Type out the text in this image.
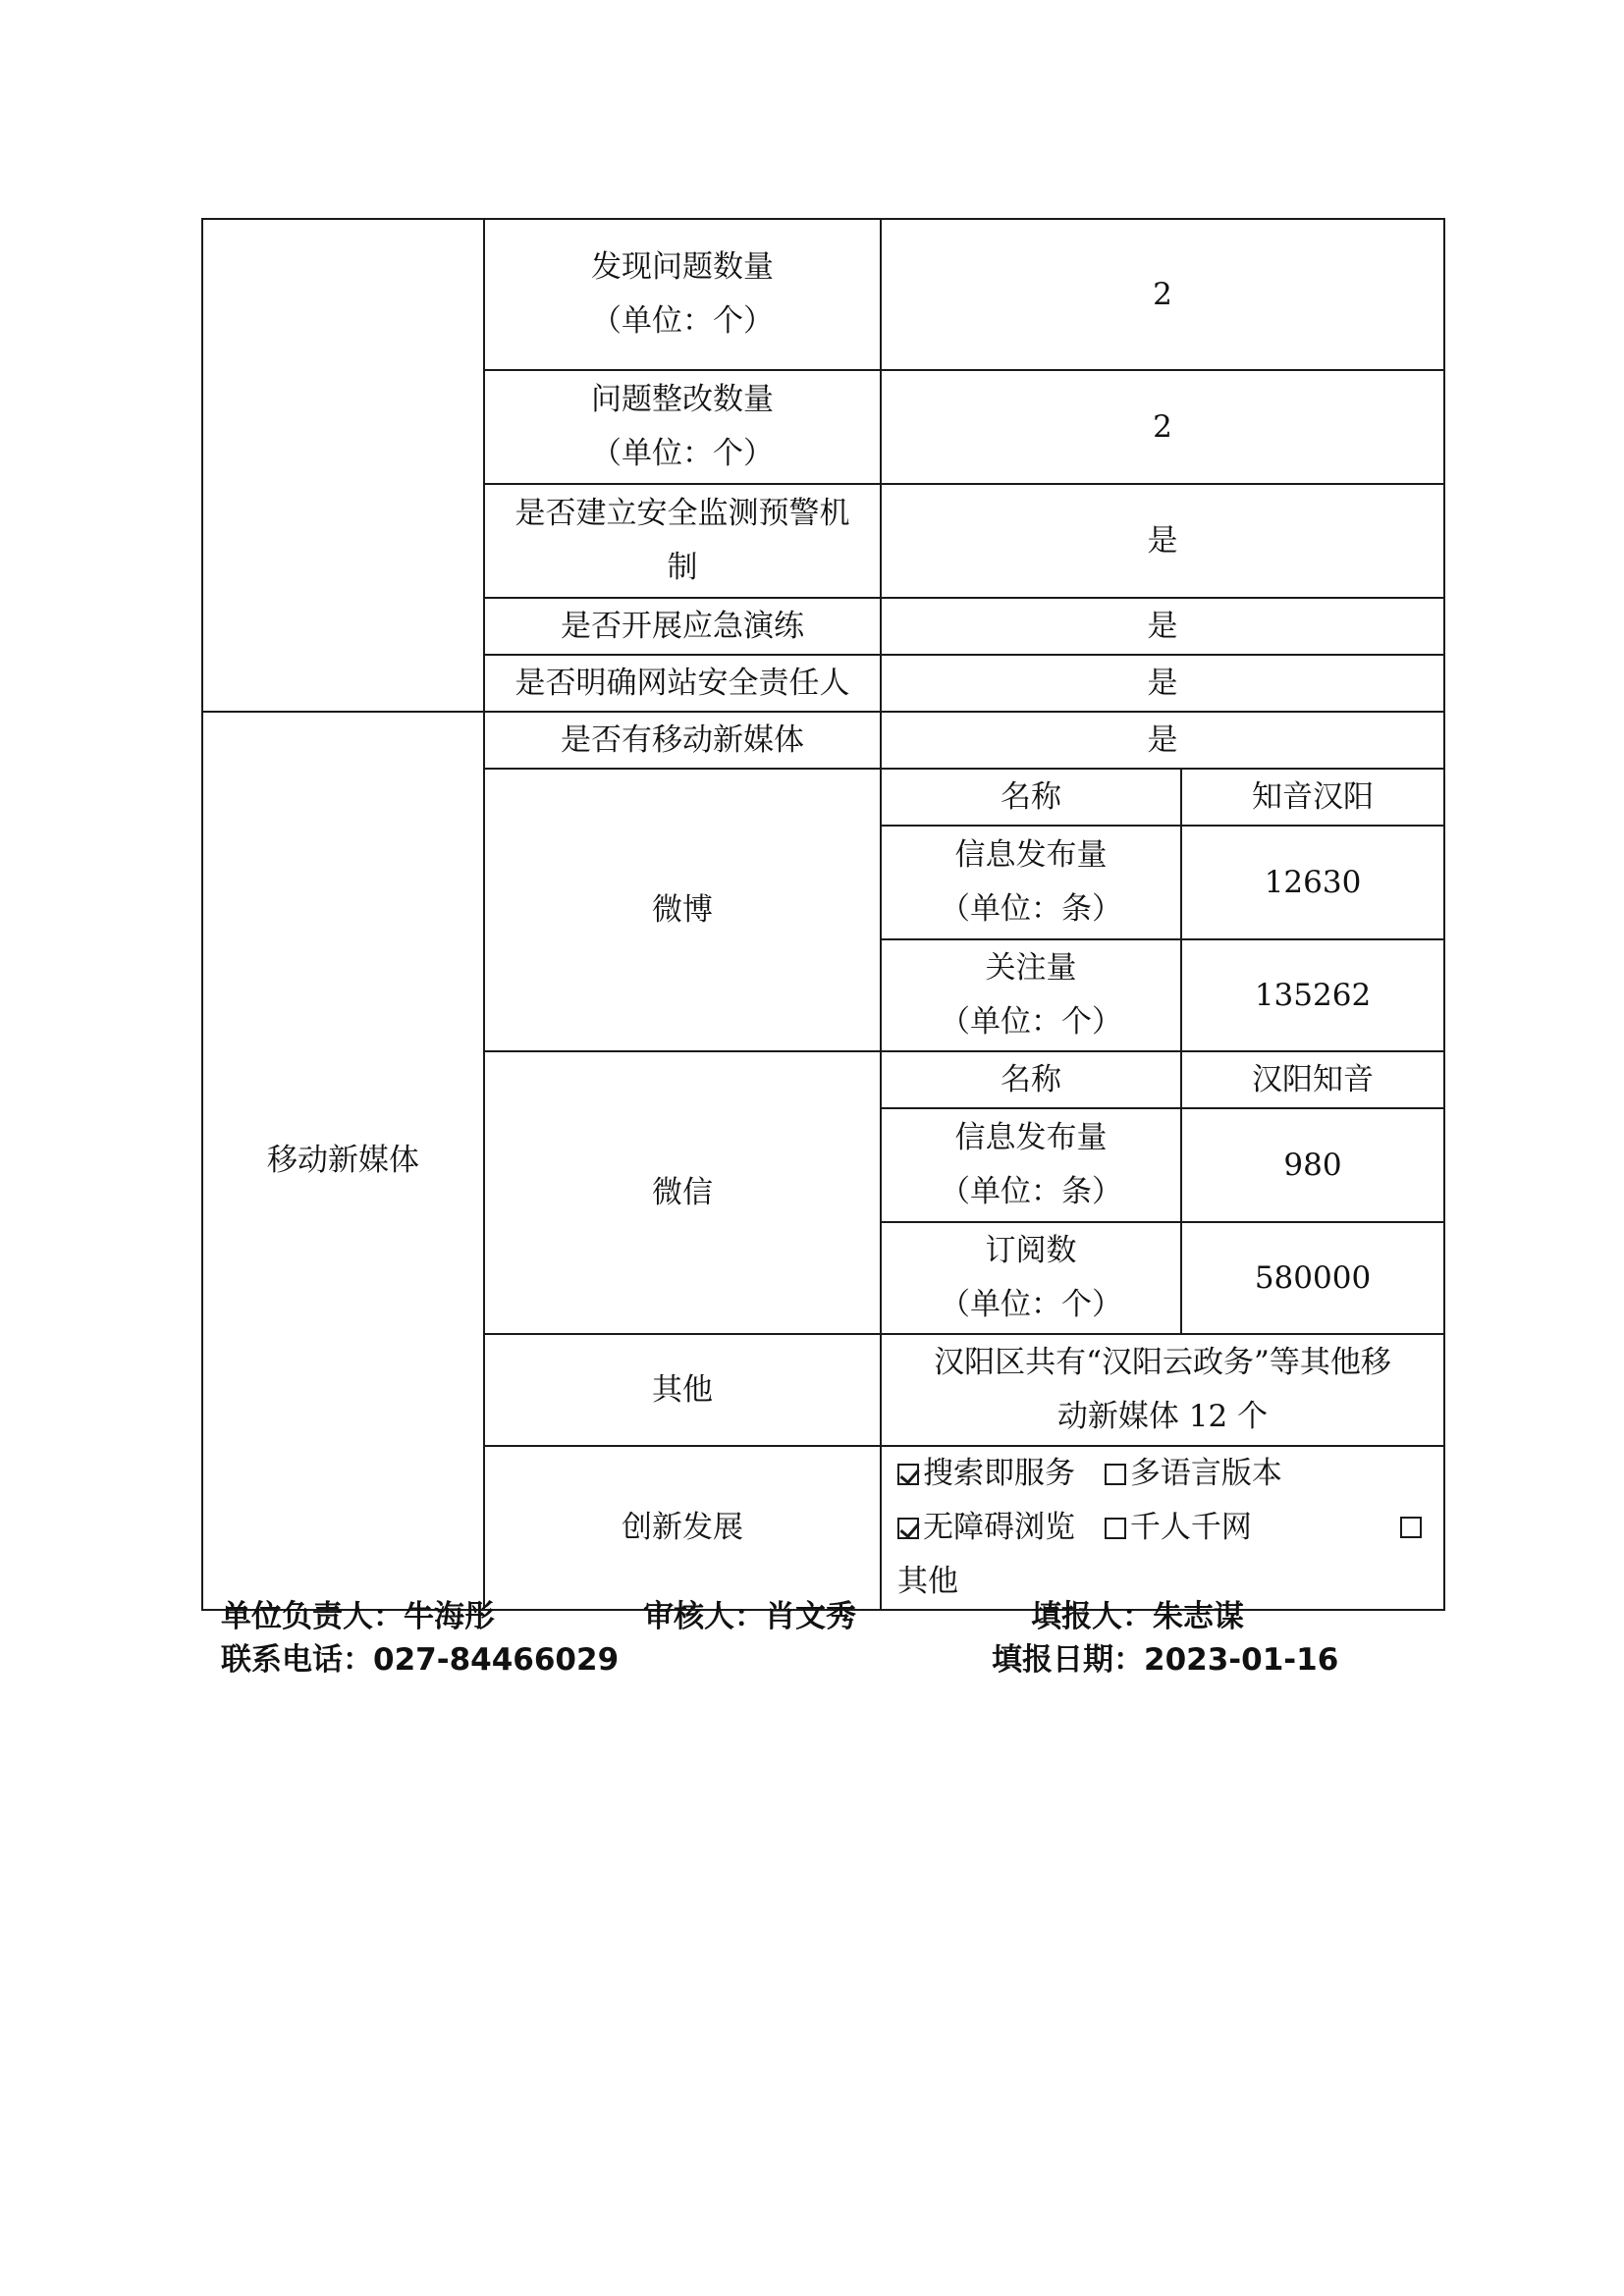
	发现问题数量
（单位：个）	2	

	问题整改数量
（单位：个）	2	

	是否建立安全监测预警机
制	是	
	是否开展应急演练	是	
	是否明确网站安全责任人	是	
移动新媒体	是否有移动新媒体	是	
	微博	名称	知音汉阳

		信息发布量
（单位：条）	12630

		关注量
（单位：个）	135262
	微信	名称	汉阳知音

		信息发布量
（单位：条）	980

		订阅数
（单位：个）	580000
	其他	汉阳区共有“汉阳云政务”等其他移
动新媒体 12 个	

	创新发展	搜索即服务 多语言版本 无障碍浏览 千人千网

其他	
单位负责人：牛海彤	审核人：肖文秀	填报人：朱志谋
联系电话：027-84466029	填报日期：2023-01-16
